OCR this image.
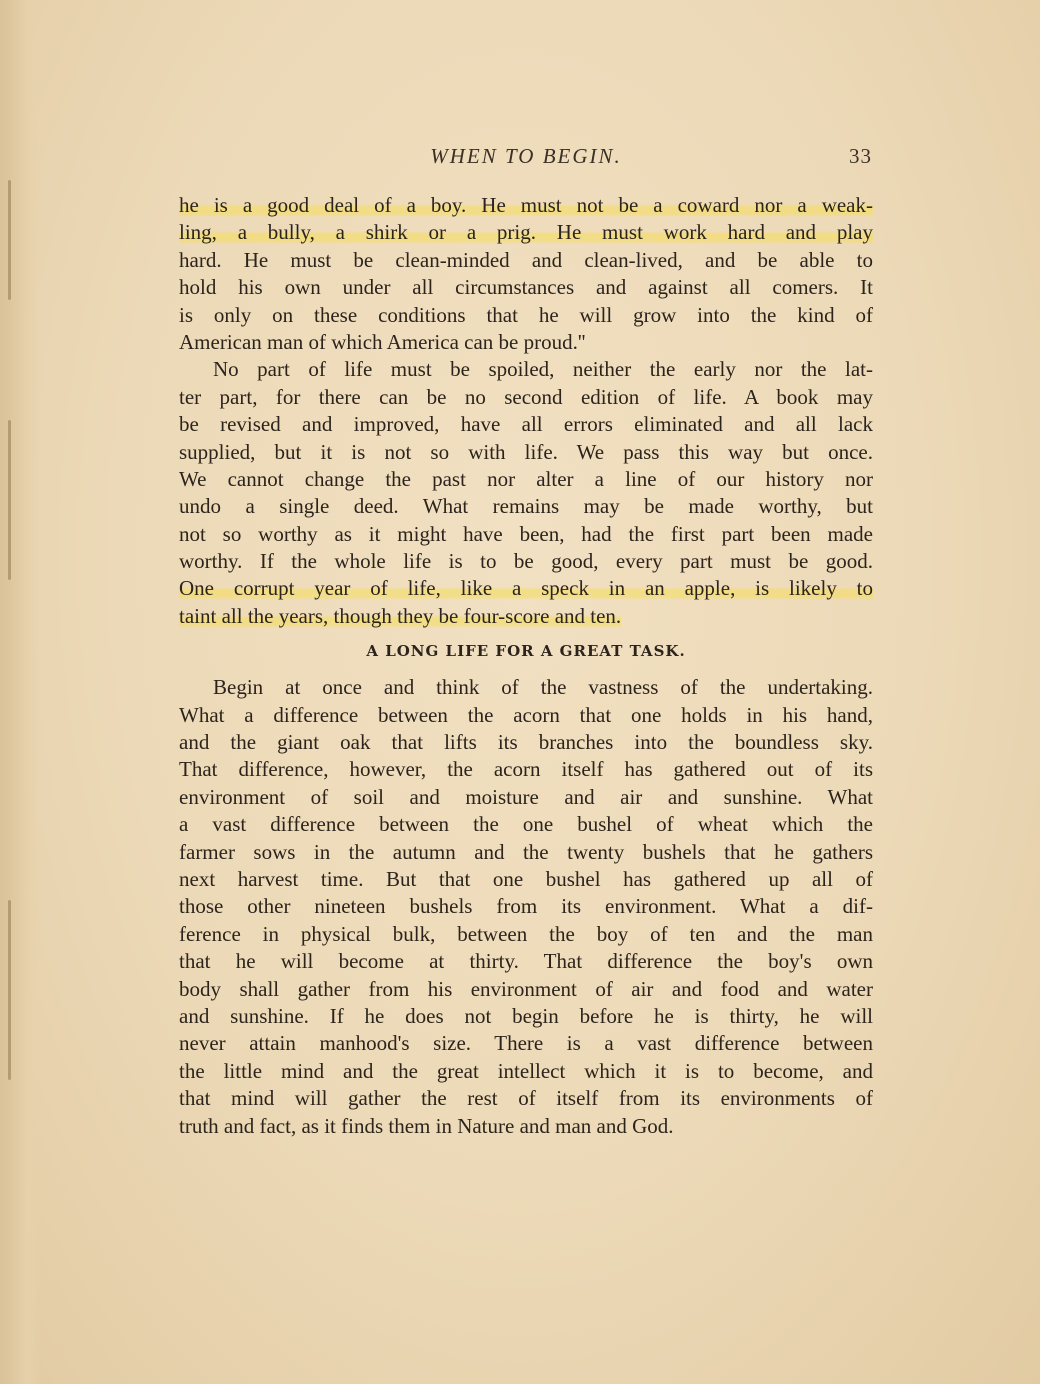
WHEN TO BEGIN.	33
he is a good deal of a boy. He must not be a coward nor a weak-
ling, a bully, a shirk or a prig. He must work hard and play
hard. He must be clean-minded and clean-lived, and be able to
hold his own under all circumstances and against all comers. It
is only on these conditions that he will grow into the kind of
American man of which America can be proud.''
No part of life must be spoiled, neither the early nor the lat-
ter part, for there can be no second edition of life. A book may
be revised and improved, have all errors eliminated and all lack
supplied, but it is not so with life. We pass this way but once.
We cannot change the past nor alter a line of our history nor
undo a single deed. What remains may be made worthy, but
not so worthy as it might have been, had the first part been made
worthy. If the whole life is to be good, every part must be good.
One corrupt year of life, like a speck in an apple, is likely to
taint all the years, though they be four-score and ten.
A LONG LIFE FOR A GREAT TASK.
Begin at once and think of the vastness of the undertaking.
What a difference between the acorn that one holds in his hand,
and the giant oak that lifts its branches into the boundless sky.
That difference, however, the acorn itself has gathered out of its
environment of soil and moisture and air and sunshine. What
a vast difference between the one bushel of wheat which the
farmer sows in the autumn and the twenty bushels that he gathers
next harvest time. But that one bushel has gathered up all of
those other nineteen bushels from its environment. What a dif-
ference in physical bulk, between the boy of ten and the man
that he will become at thirty. That difference the boy's own
body shall gather from his environment of air and food and water
and sunshine. If he does not begin before he is thirty, he will
never attain manhood's size. There is a vast difference between
the little mind and the great intellect which it is to become, and
that mind will gather the rest of itself from its environments of
truth and fact, as it finds them in Nature and man and God.
